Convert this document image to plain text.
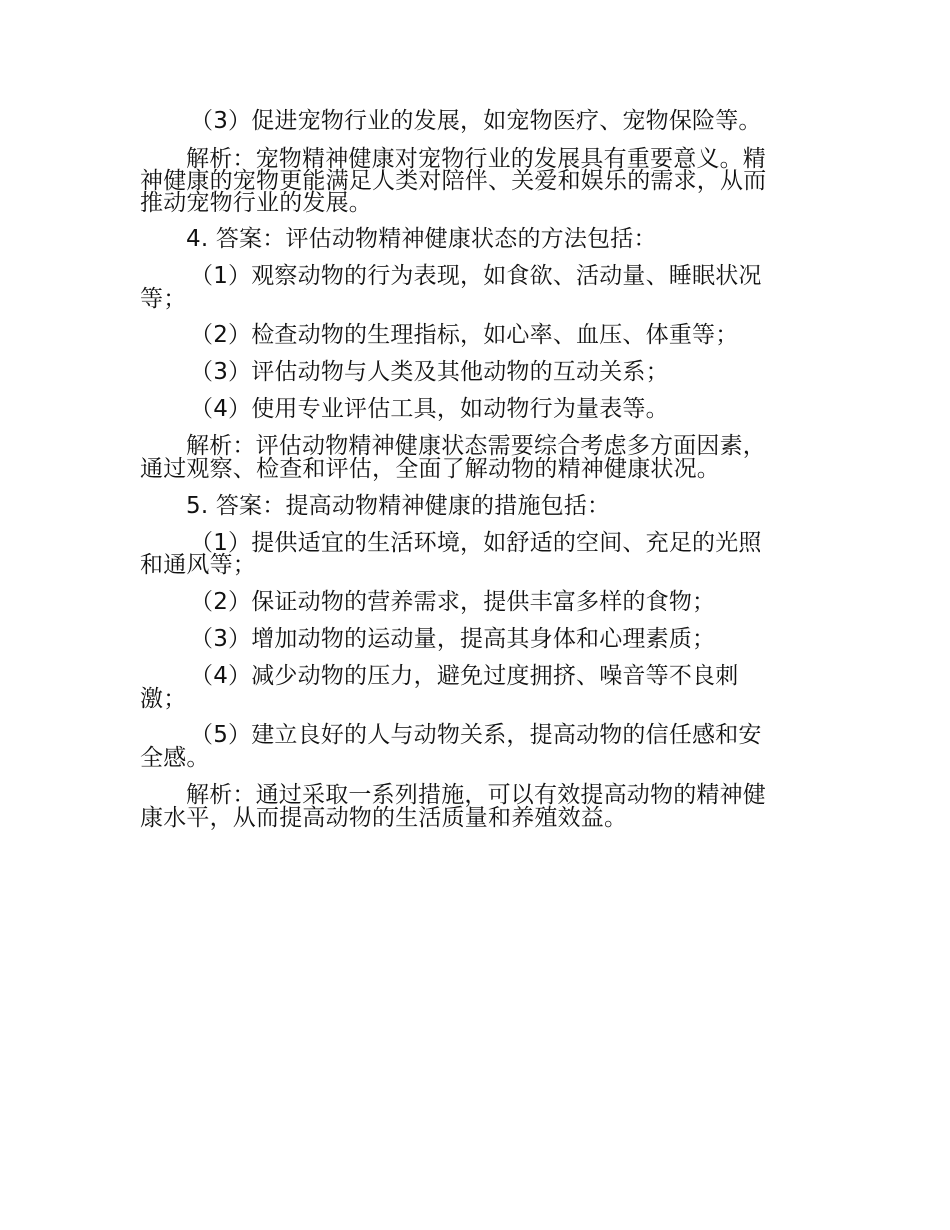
（3）促进宠物行业的发展，如宠物医疗、宠物保险等。
解析：宠物精神健康对宠物行业的发展具有重要意义。精
神健康的宠物更能满足人类对陪伴、关爱和娱乐的需求，从而
推动宠物行业的发展。
4. 答案：评估动物精神健康状态的方法包括：
（1）观察动物的行为表现，如食欲、活动量、睡眠状况
等；
（2）检查动物的生理指标，如心率、血压、体重等；
（3）评估动物与人类及其他动物的互动关系；
（4）使用专业评估工具，如动物行为量表等。
解析：评估动物精神健康状态需要综合考虑多方面因素，
通过观察、检查和评估，全面了解动物的精神健康状况。
5. 答案：提高动物精神健康的措施包括：
（1）提供适宜的生活环境，如舒适的空间、充足的光照
和通风等；
（2）保证动物的营养需求，提供丰富多样的食物；
（3）增加动物的运动量，提高其身体和心理素质；
（4）减少动物的压力，避免过度拥挤、噪音等不良刺
激；
（5）建立良好的人与动物关系，提高动物的信任感和安
全感。
解析：通过采取一系列措施，可以有效提高动物的精神健
康水平，从而提高动物的生活质量和养殖效益。
